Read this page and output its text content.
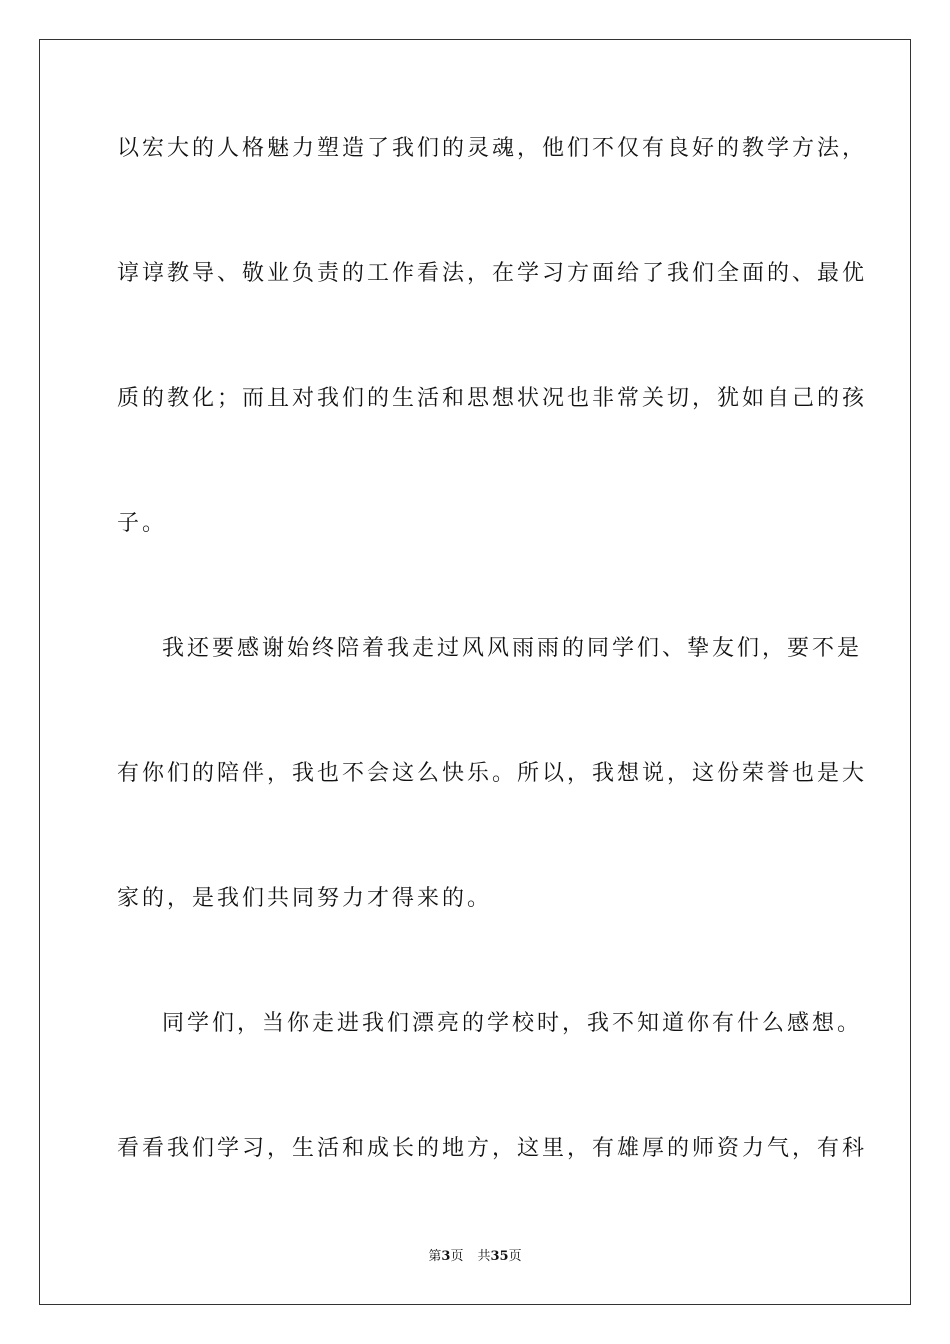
以宏大的人格魅力塑造了我们的灵魂，他们不仅有良好的教学方法，
谆谆教导、敬业负责的工作看法，在学习方面给了我们全面的、最优
质的教化；而且对我们的生活和思想状况也非常关切，犹如自己的孩
子。
我还要感谢始终陪着我走过风风雨雨的同学们、挚友们，要不是
有你们的陪伴，我也不会这么快乐。所以，我想说，这份荣誉也是大
家的，是我们共同努力才得来的。
同学们，当你走进我们漂亮的学校时，我不知道你有什么感想。
看看我们学习，生活和成长的地方，这里，有雄厚的师资力气，有科
第3页 共35页
